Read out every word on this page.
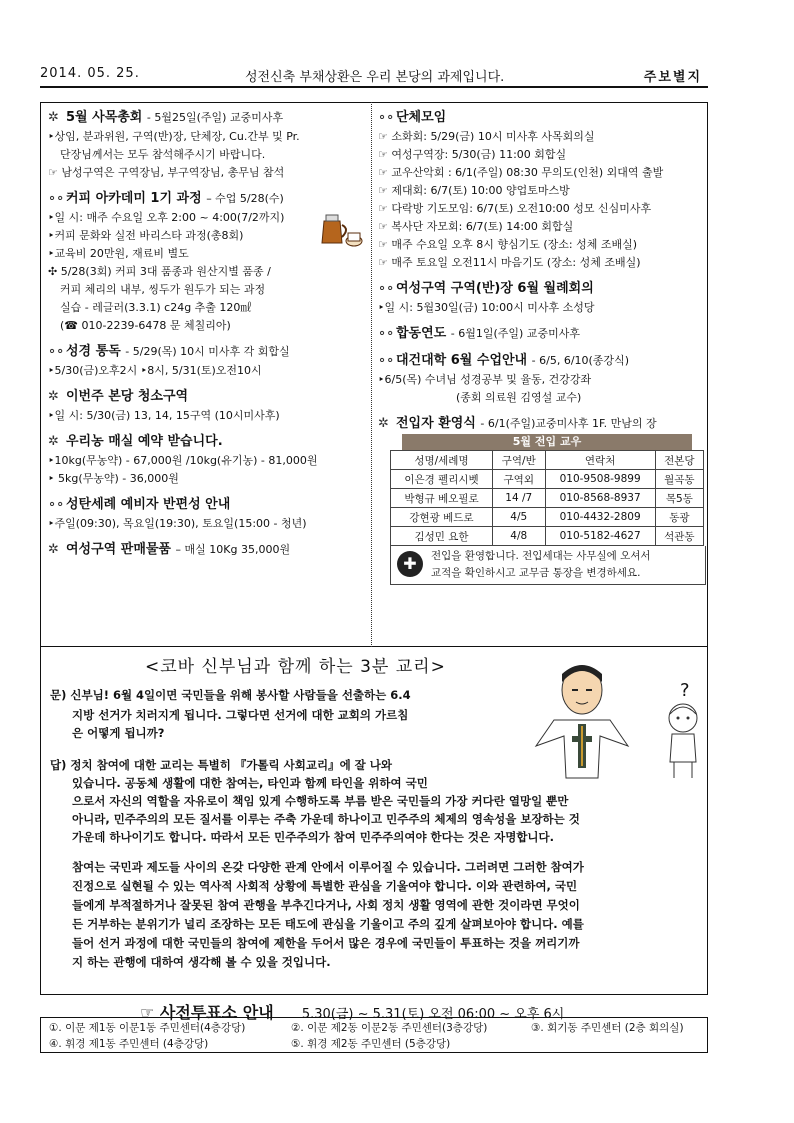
2014. 05. 25.	성전신축 부채상환은 우리 본당의 과제입니다.	주보별지
✲ 5월 사목총회 - 5월25일(주일) 교중미사후
‣상임, 분과위원, 구역(반)장, 단체장, Cu.간부 및 Pr.
단장님께서는 모두 참석해주시기 바랍니다.
☞ 남성구역은 구역장님, 부구역장님, 총무님 참석
∘∘ 커피 아카데미 1기 과정 – 수업 5/28(수)
‣일 시: 매주 수요일 오후 2:00 ~ 4:00(7/2까지)
‣커피 문화와 실전 바리스타 과정(총8회)
‣교육비 20만원, 재료비 별도
✣ 5/28(3회) 커피 3대 품종과 원산지별 품종 /
커피 체리의 내부, 씽두가 원두가 되는 과정
실습 - 레글러(3.3.1) c24g 추출 120㎖
(☎ 010-2239-6478 문 체칠리아)
∘∘ 성경 통독 - 5/29(목) 10시 미사후 각 회합실
‣5/30(금)오후2시 ‣8시, 5/31(토)오전10시
✲ 이번주 본당 청소구역
‣일 시: 5/30(금) 13, 14, 15구역 (10시미사후)
✲ 우리농 매실 예약 받습니다.
‣10kg(무농약) - 67,000원 /10kg(유기농) - 81,000원
‣ 5kg(무농약) - 36,000원
∘∘ 성탄세례 예비자 반편성 안내
‣주일(09:30), 목요일(19:30), 토요일(15:00 - 청년)
✲ 여성구역 판매물품 – 매실 10Kg 35,000원
∘∘ 단체모임
☞ 소화회: 5/29(금) 10시 미사후 사목회의실
☞ 여성구역장: 5/30(금) 11:00 회합실
☞ 교우산악회 : 6/1(주일) 08:30 무의도(인천) 외대역 출발
☞ 제대회: 6/7(토) 10:00 양업토마스방
☞ 다락방 기도모임: 6/7(토) 오전10:00 성모 신심미사후
☞ 복사단 자모회: 6/7(토) 14:00 회합실
☞ 매주 수요일 오후 8시 향심기도 (장소: 성체 조배실)
☞ 매주 토요일 오전11시 마음기도 (장소: 성체 조배실)
∘∘ 여성구역 구역(반)장 6월 월례회의
‣일 시: 5월30일(금) 10:00시 미사후 소성당
∘∘ 합동연도 - 6월1일(주일) 교중미사후
∘∘ 대건대학 6월 수업안내 - 6/5, 6/10(종강식)
‣6/5(목) 수녀님 성경공부 및 율동, 건강강좌
(종회 의료원 김영설 교수)
✲ 전입자 환영식 - 6/1(주일)교중미사후 1F. 만남의 장
5월 전입 교우
성명/세례명	구역/반	연락처	전본당
이은경 펠리시벳	구역외	010-9508-9899	월곡동
박형규 베오필로	14 /7	010-8568-8937	목5동
강현광 베드로	4/5	010-4432-2809	동광
김성민 요한	4/8	010-5182-4627	석관동
✚	전입을 환영합니다. 전입세대는 사무실에 오셔서
교적을 확인하시고 교무금 통장을 변경하세요.
<코바 신부님과 함께 하는 3분 교리>
문) 신부님! 6월 4일이면 국민들을 위해 봉사할 사람들을 선출하는 6.4
지방 선거가 치러지게 됩니다. 그렇다면 선거에 대한 교회의 가르침
은 어떻게 됩니까?
답) 정치 참여에 대한 교리는 특별히 『가톨릭 사회교리』에 잘 나와
있습니다. 공동체 생활에 대한 참여는, 타인과 함께 타인을 위하여 국민
으로서 자신의 역할을 자유로이 책임 있게 수행하도록 부름 받은 국민들의 가장 커다란 열망일 뿐만
아니라, 민주주의의 모든 질서를 이루는 주축 가운데 하나이고 민주주의 체제의 영속성을 보장하는 것
가운데 하나이기도 합니다. 따라서 모든 민주주의가 참여 민주주의여야 한다는 것은 자명합니다.
참여는 국민과 제도들 사이의 온갖 다양한 관계 안에서 이루어질 수 있습니다. 그러려면 그러한 참여가
진정으로 실현될 수 있는 역사적 사회적 상황에 특별한 관심을 기울여야 합니다. 이와 관련하여, 국민
들에게 부적절하거나 잘못된 참여 관행을 부추긴다거나, 사회 정치 생활 영역에 관한 것이라면 무엇이
든 거부하는 분위기가 널리 조장하는 모든 태도에 관심을 기울이고 주의 깊게 살펴보아야 합니다. 예를
들어 선거 과정에 대한 국민들의 참여에 제한을 두어서 많은 경우에 국민들이 투표하는 것을 꺼리기까
지 하는 관행에 대하여 생각해 볼 수 있을 것입니다.
?
☞ 사전투표소 안내 5.30(금) ~ 5.31(토) 오전 06:00 ~ 오후 6시
①. 이문 제1동 이문1동 주민센터(4층강당)	②. 이문 제2동 이문2동 주민센터(3층강당)	③. 회기동 주민센터 (2층 회의실)
④. 휘경 제1동 주민센터 (4층강당)	⑤. 휘경 제2동 주민센터 (5층강당)
